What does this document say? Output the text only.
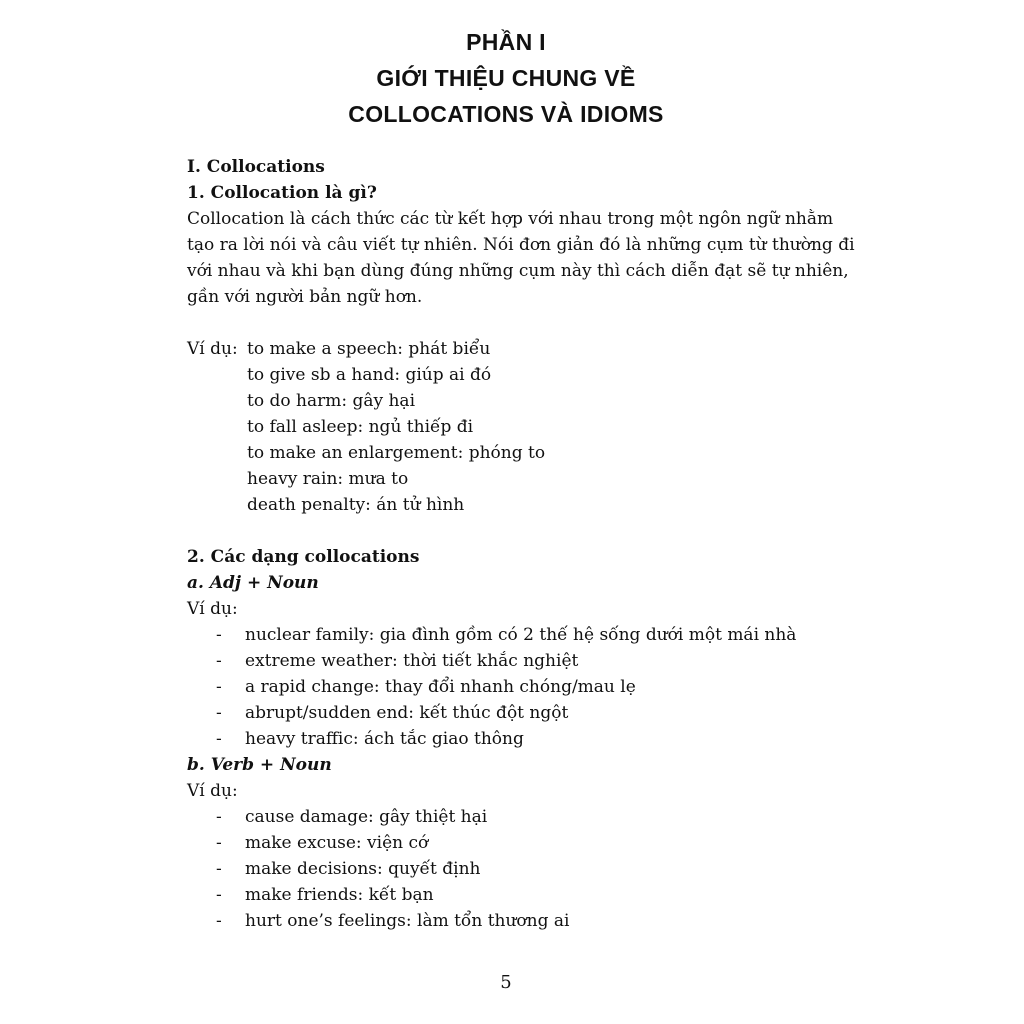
PHẦN I
GIỚI THIỆU CHUNG VỀ
COLLOCATIONS VÀ IDIOMS
I. Collocations
1. Collocation là gì?
Collocation là cách thức các từ kết hợp với nhau trong một ngôn ngữ nhằm
tạo ra lời nói và câu viết tự nhiên. Nói đơn giản đó là những cụm từ thường đi
với nhau và khi bạn dùng đúng những cụm này thì cách diễn đạt sẽ tự nhiên,
gần với người bản ngữ hơn.
Ví dụ: to make a speech: phát biểu
to give sb a hand: giúp ai đó
to do harm: gây hại
to fall asleep: ngủ thiếp đi
to make an enlargement: phóng to
heavy rain: mưa to
death penalty: án tử hình
2. Các dạng collocations
a. Adj + Noun
Ví dụ:
- nuclear family: gia đình gồm có 2 thế hệ sống dưới một mái nhà
- extreme weather: thời tiết khắc nghiệt
- a rapid change: thay đổi nhanh chóng/mau lẹ
- abrupt/sudden end: kết thúc đột ngột
- heavy traffic: ách tắc giao thông
b. Verb + Noun
Ví dụ:
- cause damage: gây thiệt hại
- make excuse: viện cớ
- make decisions: quyết định
- make friends: kết bạn
- hurt one’s feelings: làm tổn thương ai
5
